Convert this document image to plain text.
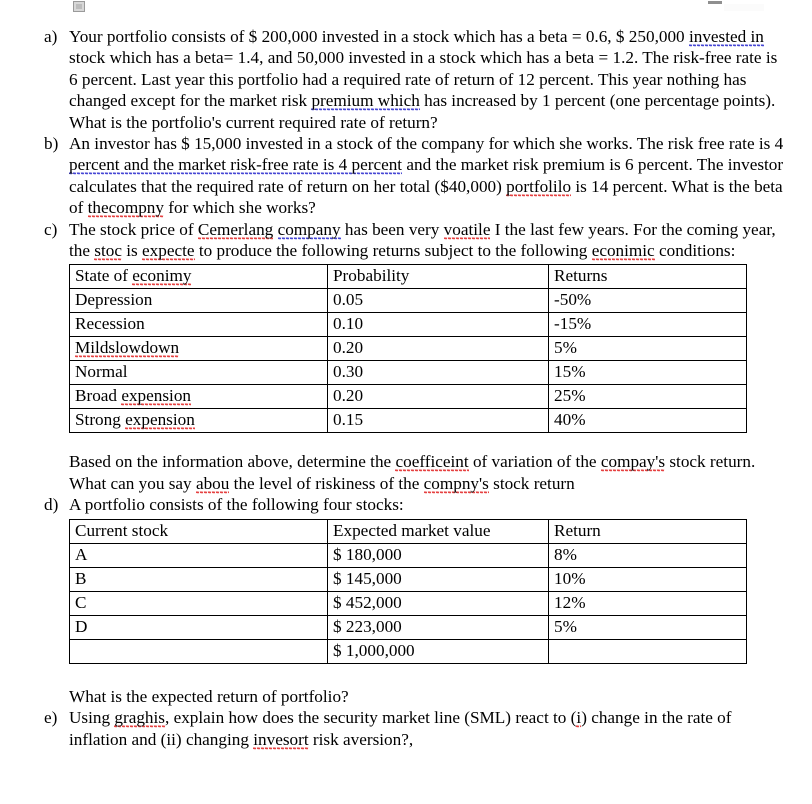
a) Your portfolio consists of $ 200,000 invested in a stock which has a beta = 0.6, $ 250,000 invested in stock which has a beta= 1.4, and 50,000 invested in a stock which has a beta = 1.2. The risk-free rate is 6 percent. Last year this portfolio had a required rate of return of 12 percent. This year nothing has changed except for the market risk premium which has increased by 1 percent (one percentage points). What is the portfolio's current required rate of return?
b) An investor has $ 15,000 invested in a stock of the company for which she works. The risk free rate is 4 percent and the market risk-free rate is 4 percent and the market risk premium is 6 percent. The investor calculates that the required rate of return on her total ($40,000) portfolilo is 14 percent. What is the beta of thecompny for which she works?
c) The stock price of Cemerlang company has been very voatile I the last few years. For the coming year, the stoc is expecte to produce the following returns subject to the following econimic conditions:
State of econimy	Probability	Returns
Depression	0.05	-50%
Recession	0.10	-15%
Mildslowdown	0.20	5%
Normal	0.30	15%
Broad expension	0.20	25%
Strong expension	0.15	40%
Based on the information above, determine the coefficeint of variation of the compay's stock return. What can you say abou the level of riskiness of the compny's stock return
d) A portfolio consists of the following four stocks:
Current stock	Expected market value	Return
A	$ 180,000	8%
B	$ 145,000	10%
C	$ 452,000	12%
D	$ 223,000	5%
	$ 1,000,000	
What is the expected return of portfolio?
e) Using graghis, explain how does the security market line (SML) react to (i) change in the rate of inflation and (ii) changing invesort risk aversion?,
